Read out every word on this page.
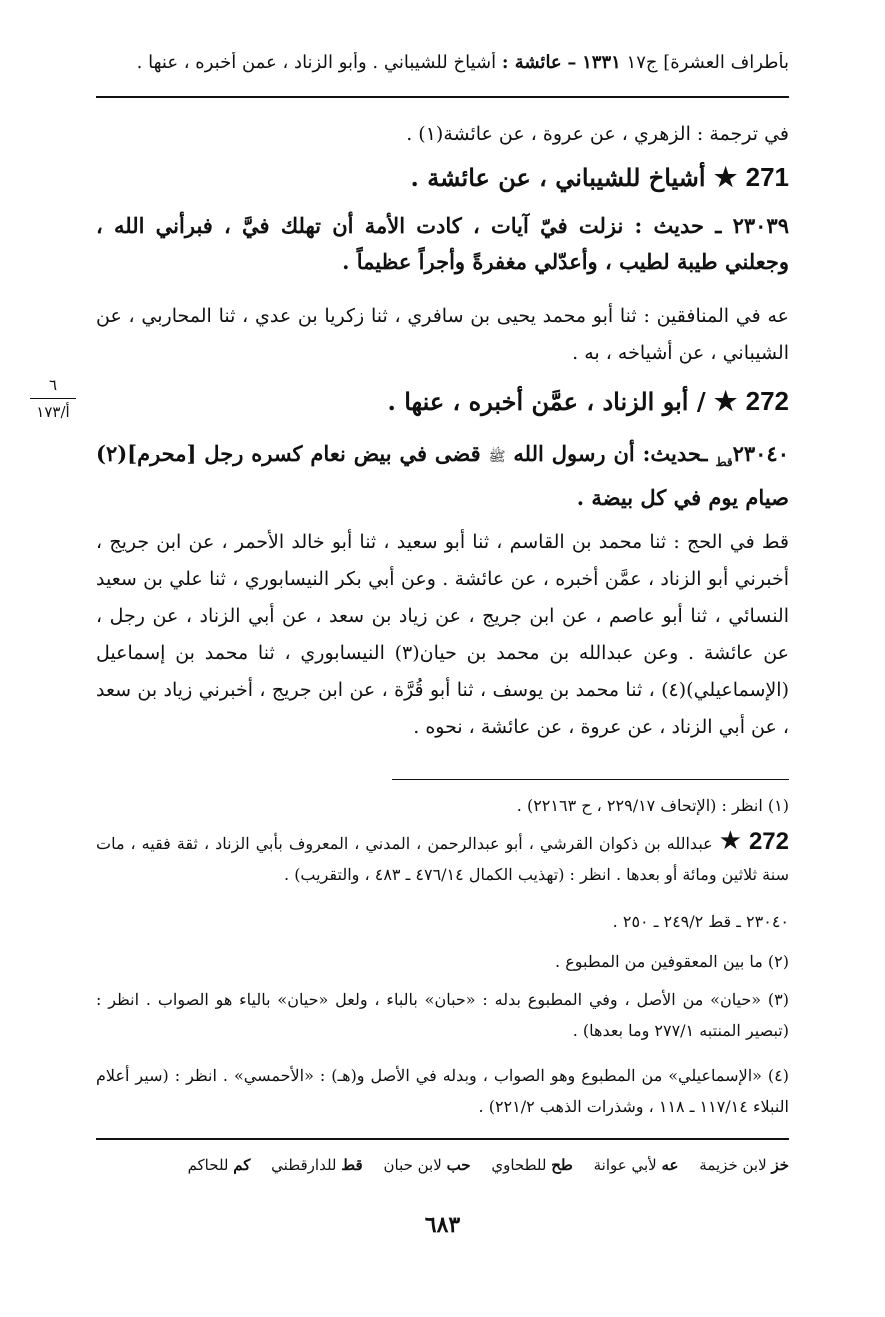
بأطراف العشرة] ج١٧ ١٣٣١ – عائشة : أشياخ للشيباني . وأبو الزناد ، عمن أخبره ، عنها .
في ترجمة : الزهري ، عن عروة ، عن عائشة(١) .
271 ★ أشياخ للشيباني ، عن عائشة .
٢٣٠٣٩ ـ حديث : نزلت فيّ آيات ، كادت الأمة أن تهلك فيَّ ، فبرأني الله ، وجعلني طيبة لطيب ، وأعدّلي مغفرةً وأجراً عظيماً .
عه في المنافقين : ثنا أبو محمد يحيى بن سافري ، ثنا زكريا بن عدي ، ثنا المحاربي ، عن الشيباني ، عن أشياخه ، به .
٦
أ/١٧٣	272 ★ / أبو الزناد ، عمَّن أخبره ، عنها .
$٢٣٠٤٠_{قط}$ ـحديث: أن رسول الله ﷺ قضى في بيض نعام كسره رجل [محرم](٢) صيام يوم في كل بيضة .
قط في الحج : ثنا محمد بن القاسم ، ثنا أبو سعيد ، ثنا أبو خالد الأحمر ، عن ابن جريج ، أخبرني أبو الزناد ، عمَّن أخبره ، عن عائشة . وعن أبي بكر النيسابوري ، ثنا علي بن سعيد النسائي ، ثنا أبو عاصم ، عن ابن جريج ، عن زياد بن سعد ، عن أبي الزناد ، عن رجل ، عن عائشة . وعن عبدالله بن محمد بن حيان(٣) النيسابوري ، ثنا محمد بن إسماعيل (الإسماعيلي)(٤) ، ثنا محمد بن يوسف ، ثنا أبو قُرَّة ، عن ابن جريج ، أخبرني زياد بن سعد ، عن أبي الزناد ، عن عروة ، عن عائشة ، نحوه .
(١) انظر : (الإتحاف ٢٢٩/١٧ ، ح ٢٢١٦٣) .
272 ★ عبدالله بن ذكوان القرشي ، أبو عبدالرحمن ، المدني ، المعروف بأبي الزناد ، ثقة فقيه ، مات سنة ثلاثين ومائة أو بعدها . انظر : (تهذيب الكمال ٤٧٦/١٤ ـ ٤٨٣ ، والتقريب) .
٢٣٠٤٠ ـ قط ٢٤٩/٢ ـ ٢٥٠ .
(٢) ما بين المعقوفين من المطبوع .
(٣) «حيان» من الأصل ، وفي المطبوع بدله : «حبان» بالباء ، ولعل «حيان» بالياء هو الصواب . انظر : (تبصير المنتبه ٢٧٧/١ وما بعدها) .
(٤) «الإسماعيلي» من المطبوع وهو الصواب ، وبدله في الأصل و(هـ) : «الأحمسي» . انظر : (سير أعلام النبلاء ١١٧/١٤ ـ ١١٨ ، وشذرات الذهب ٢٢١/٢) .
خز لابن خزيمة عه لأبي عوانة طح للطحاوي حب لابن حبان قط للدارقطني كم للحاكم
٦٨٣
